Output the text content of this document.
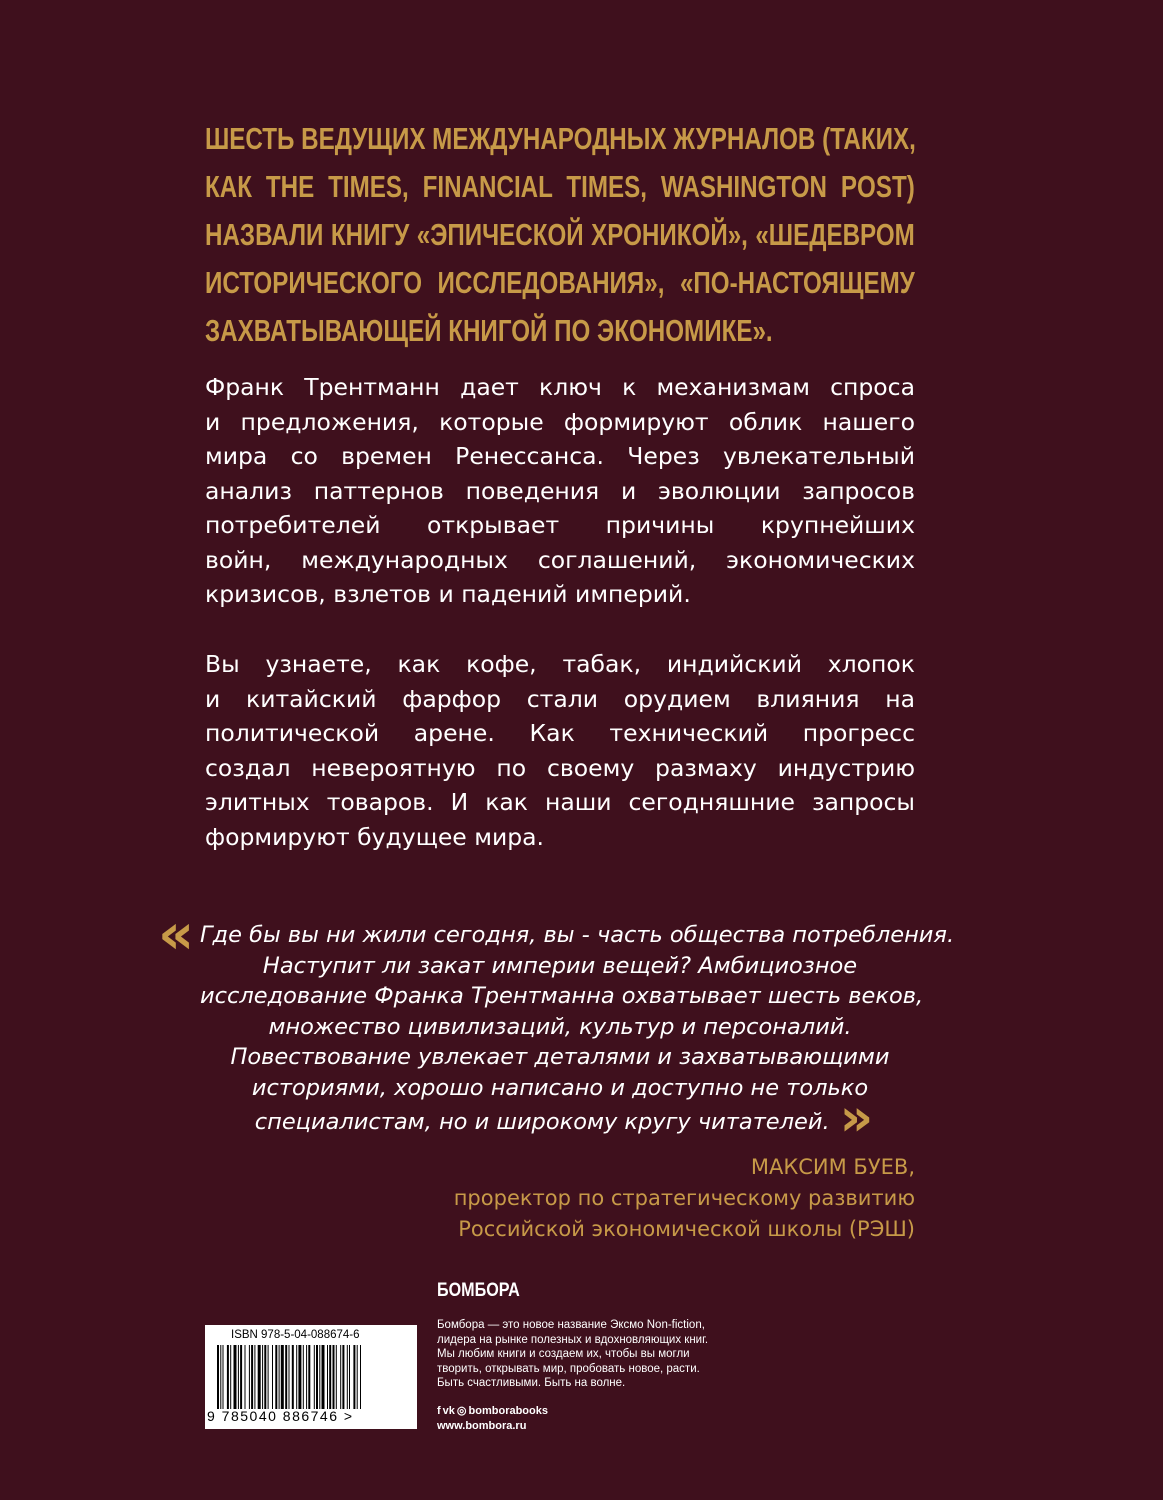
ШЕСТЬ ВЕДУЩИХ МЕЖДУНАРОДНЫХ ЖУРНАЛОВ (ТАКИХ,
КАК THE TIMES, FINANCIAL TIMES, WASHINGTON POST)
НАЗВАЛИ КНИГУ «ЭПИЧЕСКОЙ ХРОНИКОЙ», «ШЕДЕВРОМ
ИСТОРИЧЕСКОГО ИССЛЕДОВАНИЯ», «ПО-НАСТОЯЩЕМУ
ЗАХВАТЫВАЮЩЕЙ КНИГОЙ ПО ЭКОНОМИКЕ».
Франк Трентманн дает ключ к механизмам спроса
и предложения, которые формируют облик нашего
мира со времен Ренессанса. Через увлекательный
анализ паттернов поведения и эволюции запросов
потребителей открывает причины крупнейших
войн, международных соглашений, экономических
кризисов, взлетов и падений империй.
Вы узнаете, как кофе, табак, индийский хлопок
и китайский фарфор стали орудием влияния на
политической арене. Как технический прогресс
создал невероятную по своему размаху индустрию
элитных товаров. И как наши сегодняшние запросы
формируют будущее мира.
« Где бы вы ни жили сегодня, вы - часть общества потребления.
Наступит ли закат империи вещей? Амбициозное
исследование Франка Трентманна охватывает шесть веков,
множество цивилизаций, культур и персоналий.
Повествование увлекает деталями и захватывающими
историями, хорошо написано и доступно не только
специалистам, но и широкому кругу читателей. »
МАКСИМ БУЕВ,
проректор по стратегическому развитию
Российской экономической школы (РЭШ)
ISBN 978-5-04-088674-6
9 785040 886746 >
БОМБОРА
Бомбора — это новое название Эксмо Non-fiction,
лидера на рынке полезных и вдохновляющих книг.
Мы любим книги и создаем их, чтобы вы могли
творить, открывать мир, пробовать новое, расти.
Быть счастливыми. Быть на волне.
f vk ◎ bomborabooks
www.bombora.ru
